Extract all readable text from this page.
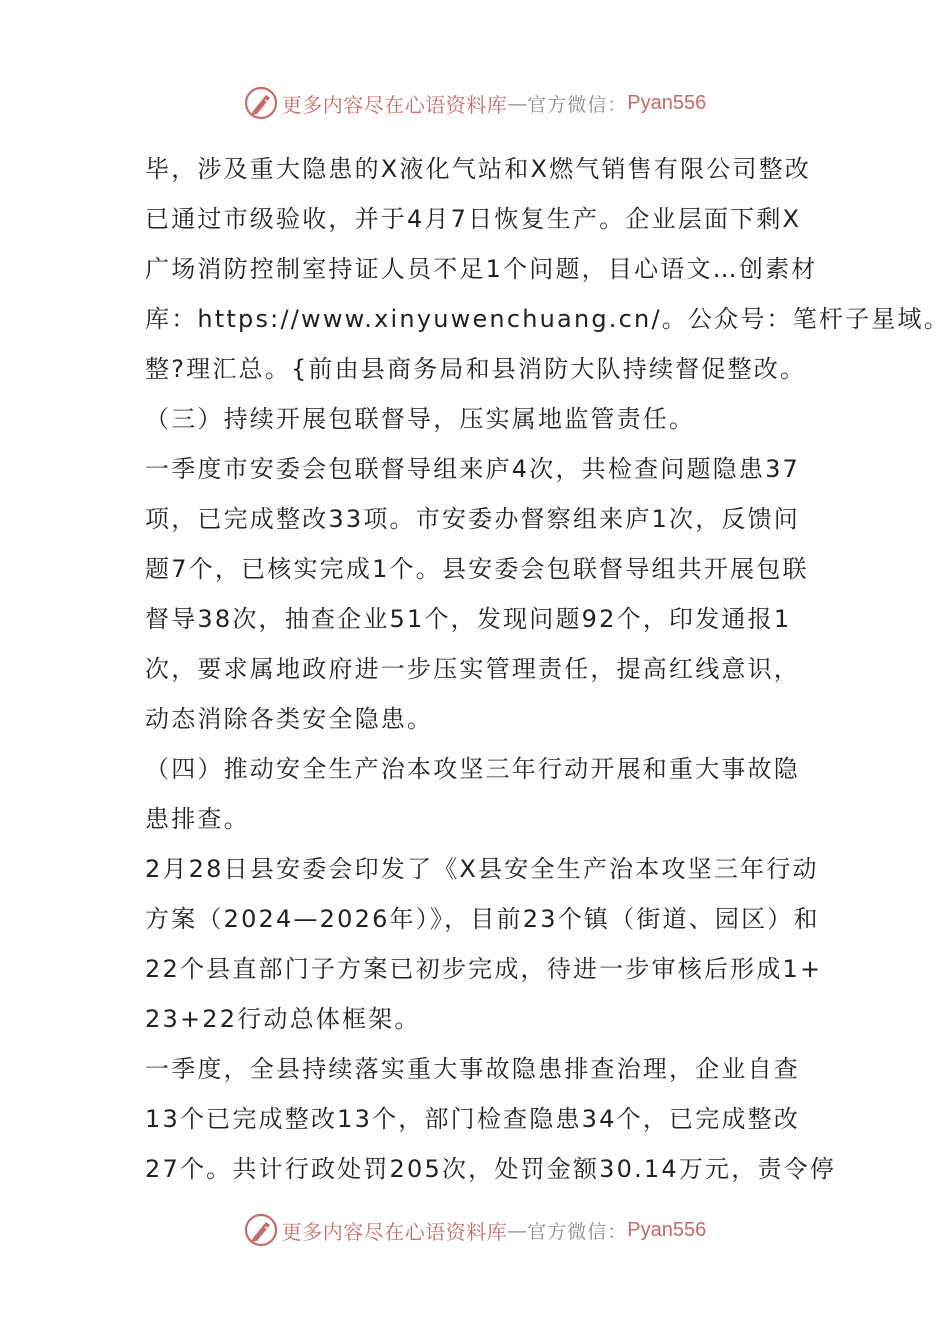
更多内容尽在心语资料库 — 官方微信： Pyan556
毕，涉及重大隐患的X液化气站和X燃气销售有限公司整改
已通过市级验收，并于4月7日恢复生产。企业层面下剩X
广场消防控制室持证人员不足1个问题，目心语文…创素材
库：https://www.xinyuwenchuang.cn/。公众号：笔杆子星域。
整?理汇总。{前由县商务局和县消防大队持续督促整改。
（三）持续开展包联督导，压实属地监管责任。
一季度市安委会包联督导组来庐4次，共检查问题隐患37
项，已完成整改33项。市安委办督察组来庐1次，反馈问
题7个，已核实完成1个。县安委会包联督导组共开展包联
督导38次，抽查企业51个，发现问题92个，印发通报1
次，要求属地政府进一步压实管理责任，提高红线意识，
动态消除各类安全隐患。
（四）推动安全生产治本攻坚三年行动开展和重大事故隐
患排查。
2月28日县安委会印发了《X县安全生产治本攻坚三年行动
方案（2024—2026年）》，目前23个镇（街道、园区）和
22个县直部门子方案已初步完成，待进一步审核后形成1+
23+22行动总体框架。
一季度，全县持续落实重大事故隐患排查治理，企业自查
13个已完成整改13个，部门检查隐患34个，已完成整改
27个。共计行政处罚205次，处罚金额30.14万元，责令停
更多内容尽在心语资料库 — 官方微信： Pyan556
